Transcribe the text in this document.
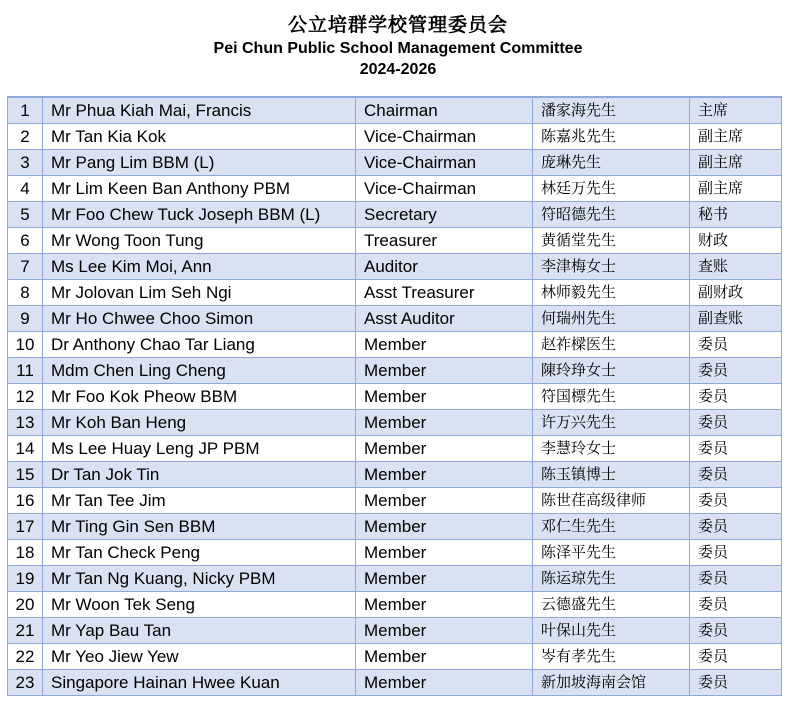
公立培群学校管理委员会
Pei Chun Public School Management Committee
2024-2026
1	Mr Phua Kiah Mai, Francis	Chairman	潘家海先生	主席
2	Mr Tan Kia Kok	Vice-Chairman	陈嘉兆先生	副主席
3	Mr Pang Lim BBM (L)	Vice-Chairman	庞琳先生	副主席
4	Mr Lim Keen Ban Anthony PBM	Vice-Chairman	林廷万先生	副主席
5	Mr Foo Chew Tuck Joseph BBM (L)	Secretary	符昭德先生	秘书
6	Mr Wong Toon Tung	Treasurer	黄循堂先生	财政
7	Ms Lee Kim Moi, Ann	Auditor	李津梅女士	查账
8	Mr Jolovan Lim Seh Ngi	Asst Treasurer	林师毅先生	副财政
9	Mr Ho Chwee Choo Simon	Asst Auditor	何瑞州先生	副查账
10	Dr Anthony Chao Tar Liang	Member	赵祚樑医生	委员
11	Mdm Chen Ling Cheng	Member	陳玲琤女士	委员
12	Mr Foo Kok Pheow BBM	Member	符国標先生	委员
13	Mr Koh Ban Heng	Member	许万兴先生	委员
14	Ms Lee Huay Leng JP PBM	Member	李慧玲女士	委员
15	Dr Tan Jok Tin	Member	陈玉镇博士	委员
16	Mr Tan Tee Jim	Member	陈世荏高级律师	委员
17	Mr Ting Gin Sen BBM	Member	邓仁生先生	委员
18	Mr Tan Check Peng	Member	陈泽平先生	委员
19	Mr Tan Ng Kuang, Nicky PBM	Member	陈运琼先生	委员
20	Mr Woon Tek Seng	Member	云德盛先生	委员
21	Mr Yap Bau Tan	Member	叶保山先生	委员
22	Mr Yeo Jiew Yew	Member	岑有孝先生	委员
23	Singapore Hainan Hwee Kuan	Member	新加坡海南会馆	委员
